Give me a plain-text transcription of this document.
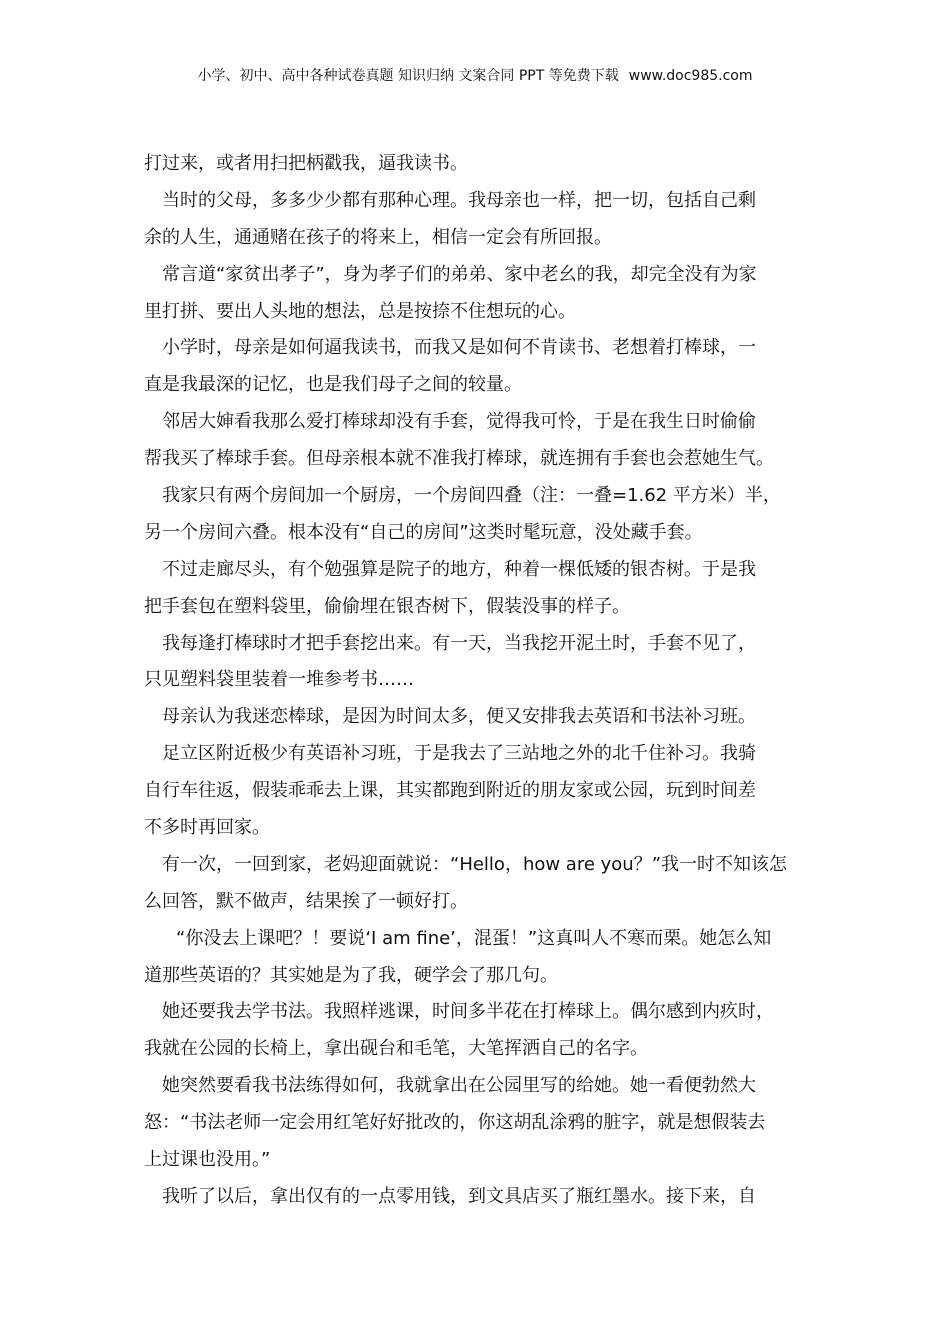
小学、初中、高中各种试卷真题 知识归纳 文案合同 PPT 等免费下载 www.doc985.com
打过来，或者用扫把柄戳我，逼我读书。
当时的父母，多多少少都有那种心理。我母亲也一样，把一切，包括自己剩
余的人生，通通赌在孩子的将来上，相信一定会有所回报。
常言道“家贫出孝子”，身为孝子们的弟弟、家中老幺的我，却完全没有为家
里打拼、要出人头地的想法，总是按捺不住想玩的心。
小学时，母亲是如何逼我读书，而我又是如何不肯读书、老想着打棒球，一
直是我最深的记忆，也是我们母子之间的较量。
邻居大婶看我那么爱打棒球却没有手套，觉得我可怜，于是在我生日时偷偷
帮我买了棒球手套。但母亲根本就不准我打棒球，就连拥有手套也会惹她生气。
我家只有两个房间加一个厨房，一个房间四叠（注：一叠=1.62 平方米）半，
另一个房间六叠。根本没有“自己的房间”这类时髦玩意，没处藏手套。
不过走廊尽头，有个勉强算是院子的地方，种着一棵低矮的银杏树。于是我
把手套包在塑料袋里，偷偷埋在银杏树下，假装没事的样子。
我每逢打棒球时才把手套挖出来。有一天，当我挖开泥土时，手套不见了，
只见塑料袋里装着一堆参考书……
母亲认为我迷恋棒球，是因为时间太多，便又安排我去英语和书法补习班。
足立区附近极少有英语补习班，于是我去了三站地之外的北千住补习。我骑
自行车往返，假装乖乖去上课，其实都跑到附近的朋友家或公园，玩到时间差
不多时再回家。
有一次，一回到家，老妈迎面就说：“Hello，how are you？”我一时不知该怎
么回答，默不做声，结果挨了一顿好打。
“你没去上课吧？！要说‘I am fine’，混蛋！”这真叫人不寒而栗。她怎么知
道那些英语的？其实她是为了我，硬学会了那几句。
她还要我去学书法。我照样逃课，时间多半花在打棒球上。偶尔感到内疚时，
我就在公园的长椅上，拿出砚台和毛笔，大笔挥洒自己的名字。
她突然要看我书法练得如何，我就拿出在公园里写的给她。她一看便勃然大
怒：“书法老师一定会用红笔好好批改的，你这胡乱涂鸦的脏字，就是想假装去
上过课也没用。”
我听了以后，拿出仅有的一点零用钱，到文具店买了瓶红墨水。接下来，自
